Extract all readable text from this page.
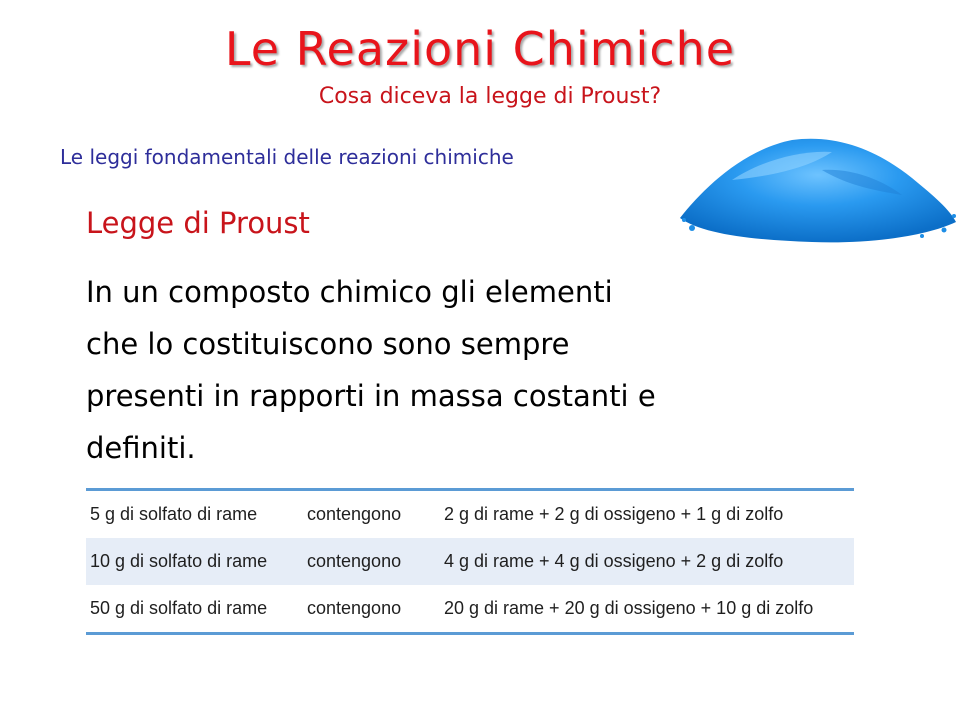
Le Reazioni Chimiche
Cosa diceva la legge di Proust?
Le leggi fondamentali delle reazioni chimiche
Legge di Proust
In un composto chimico gli elementi
che lo costituiscono sono sempre
presenti in rapporti in massa costanti e
definiti.
5 g di solfato di rame	contengono	2 g di rame + 2 g di ossigeno + 1 g di zolfo
10 g di solfato di rame	contengono	4 g di rame + 4 g di ossigeno + 2 g di zolfo
50 g di solfato di rame	contengono	20 g di rame + 20 g di ossigeno + 10 g di zolfo
